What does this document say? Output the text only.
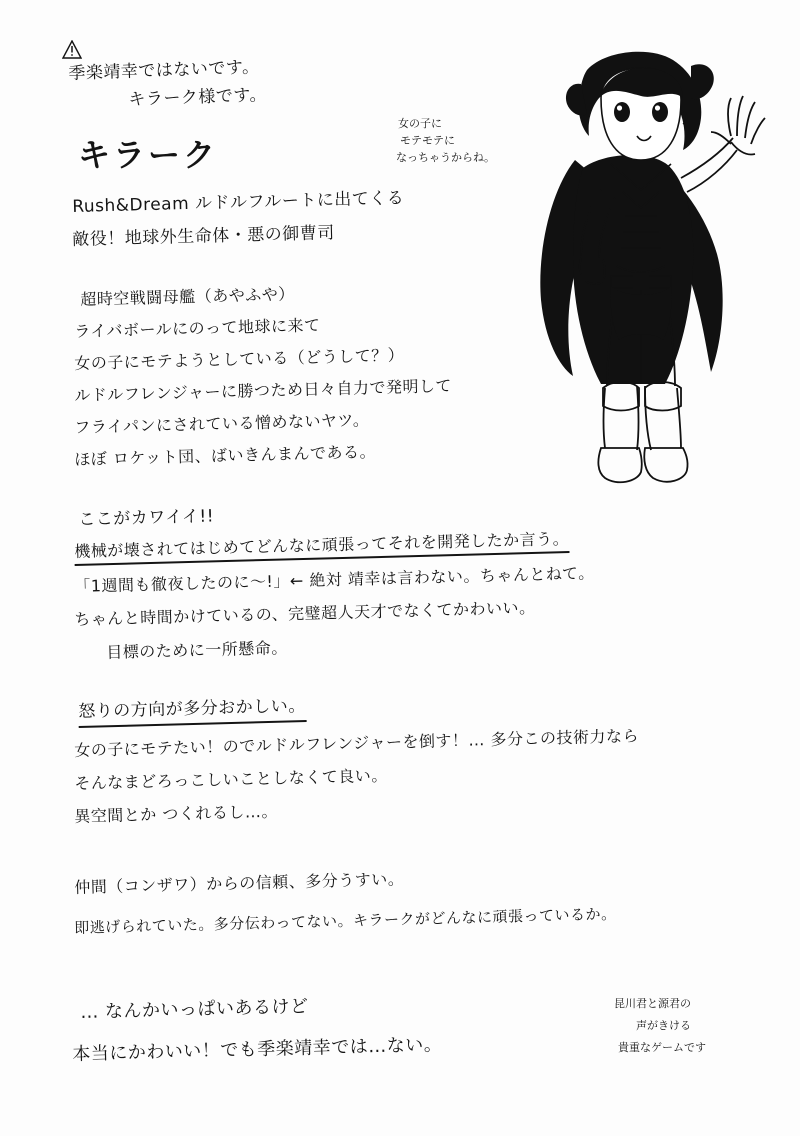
季楽靖幸ではないです。
キラーク様です。
キラーク
Rush&Dream ルドルフルートに出てくる
敵役！地球外生命体・悪の御曹司
女の子に
モテモテに
なっちゃうからね。
超時空戦闘母艦（あやふや）
ライバボールにのって地球に来て
女の子にモテようとしている（どうして？）
ルドルフレンジャーに勝つため日々自力で発明して
フライパンにされている憎めないヤツ。
ほぼ ロケット団、ばいきんまんである。
ここがカワイイ!!
機械が壊されてはじめてどんなに頑張ってそれを開発したか言う。
「1週間も徹夜したのに～!」← 絶対 靖幸は言わない。ちゃんとねて。
ちゃんと時間かけているの、完璧超人天才でなくてかわいい。
目標のために一所懸命。
怒りの方向が多分おかしい。
女の子にモテたい！のでルドルフレンジャーを倒す！… 多分この技術力なら
そんなまどろっこしいことしなくて良い。
異空間とか つくれるし…。
仲間（コンザワ）からの信頼、多分うすい。
即逃げられていた。多分伝わってない。キラークがどんなに頑張っているか。
… なんかいっぱいあるけど
本当にかわいい！でも季楽靖幸では…ない。
昆川君と源君の
声がきける
貴重なゲームです
